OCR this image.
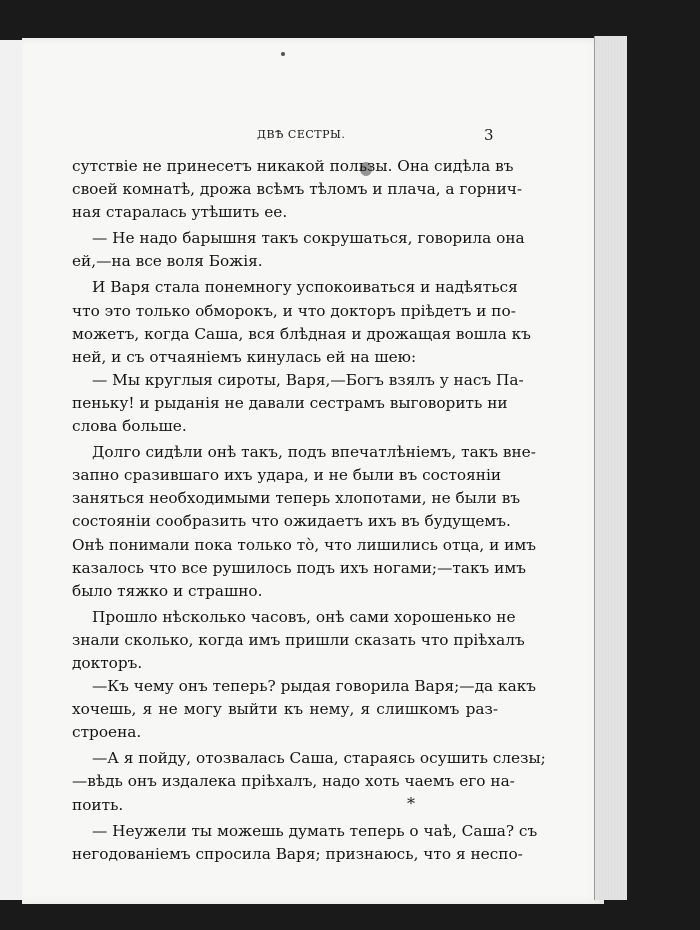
ДВѢ СЕСТРЫ.	3
сутствіе не принесетъ никакой пользы. Она сидѣла въ
своей комнатѣ, дрожа всѣмъ тѣломъ и плача, а горнич-
ная старалась утѣшить ее.
— Не надо барышня такъ сокрушаться, говорила она
ей,—на все воля Божія.
И Варя стала понемногу успокоиваться и надѣяться
что это только обморокъ, и что докторъ пріѣдетъ и по-
можетъ, когда Саша, вся блѣдная и дрожащая вошла къ
ней, и съ отчаяніемъ кинулась ей на шею:
— Мы круглыя сироты, Варя,—Богъ взялъ у насъ Па-
пеньку! и рыданія не давали сестрамъ выговорить ни
слова больше.
Долго сидѣли онѣ такъ, подъ впечатлѣніемъ, такъ вне-
запно сразившаго ихъ удара, и не были въ состояніи
заняться необходимыми теперь хлопотами, не были въ
состояніи сообразить что ожидаетъ ихъ въ будущемъ.
Онѣ понимали пока только тò, что лишились отца, и имъ
казалось что все рушилось подъ ихъ ногами;—такъ имъ
было тяжко и страшно.
Прошло нѣсколько часовъ, онѣ сами хорошенько не
знали сколько, когда имъ пришли сказать что пріѣхалъ
докторъ.
—Къ чему онъ теперь? рыдая говорила Варя;—да какъ
хочешь, я не могу выйти къ нему, я слишкомъ раз-
строена.
—А я пойду, отозвалась Саша, стараясь осушить слезы;
—вѣдь онъ издалека пріѣхалъ, надо хоть чаемъ его на-
поить.
— Неужели ты можешь думать теперь о чаѣ, Саша? съ
негодованіемъ спросила Варя; признаюсь, что я неспо-
*
